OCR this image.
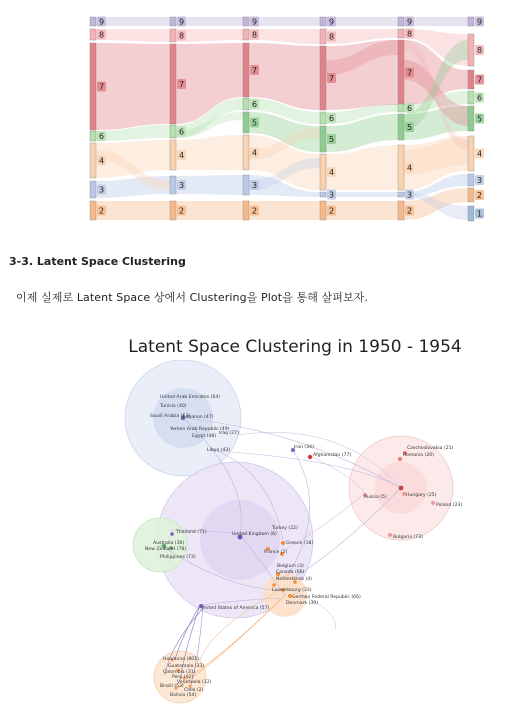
9
8
7
6
4
3
2
9
8
7
6
4
3
2
9
8
7
6
5
4
3
2
9
8
7
6
5
4
3
2
9
8
7
6
5
4
3
2
9
8
7
6
5
4
3
2
1
3-3. Latent Space Clustering
이제 실제로 Latent Space 상에서 Clustering을 Plot을 통해 살펴보자.
Latent Space Clustering in 1950 - 1954
United Arab Emirates (64)
Tunisia (40)
Saudi Arabia (63)
Lebanon (47)
Yemen Arab Republic (49)
Egypt (48)
Iraq (27)
Libya (43)
Iran (34)
Afghanistan (77)
Czechoslovakia (21)
Romania (20)
Russia (5)	Hungary (25)
Poland (23)
Bulgaria (73)
Thailand (71)
Australia (36)
New Zealand (78)
Philippines (73)
United Kingdom (6)
Turkey (22)
Greece (18)
France (2)
Belgium (3)
Canada (66)
Netherlands (4)
Luxembourg (33)
German Federal Republic (66)
Denmark (39)
United States of America (57)
Honduras (801)
Guatemala (33)
Colombia (31)
Peru (42)
Venezuela (12)
Brazil (53)
Chile (2)
Bolivia (54)
